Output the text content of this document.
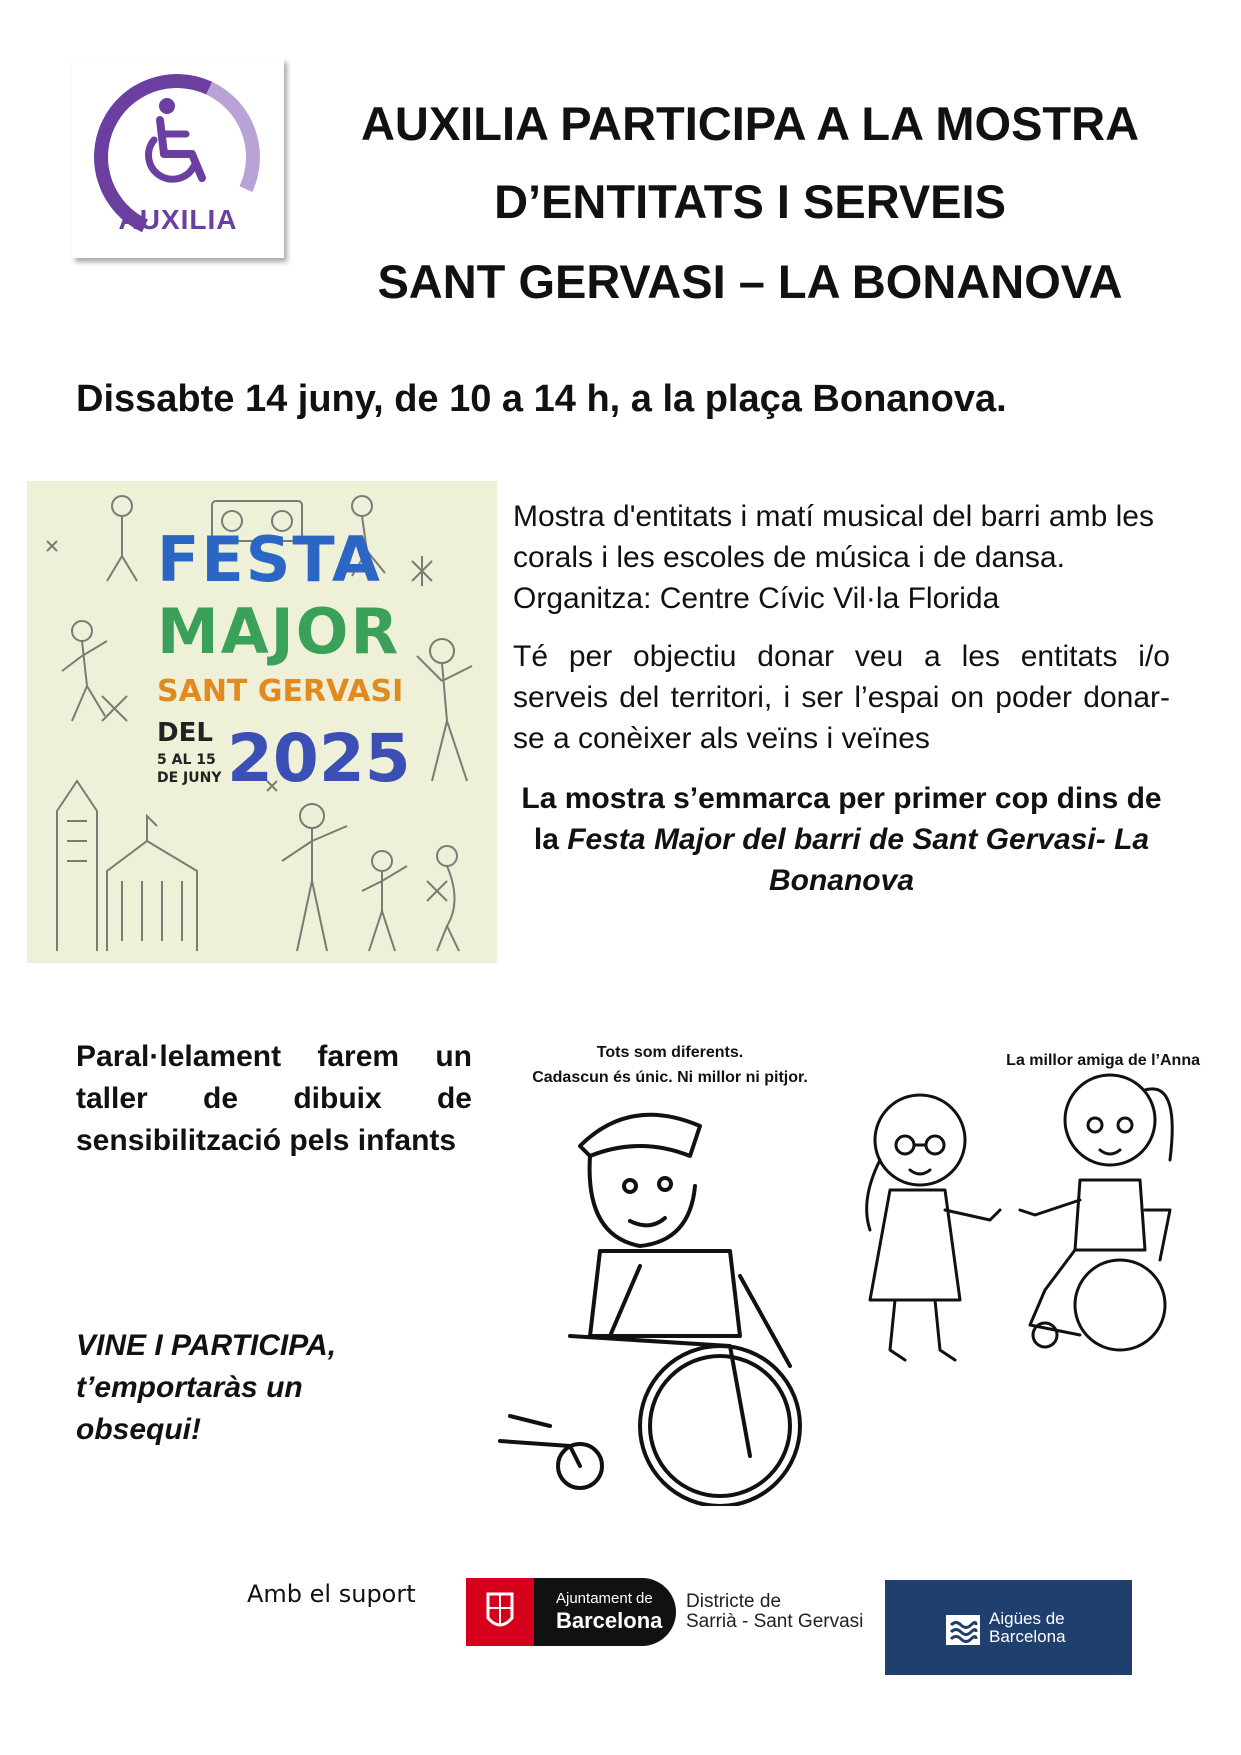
AUXILIA
AUXILIA PARTICIPA A LA MOSTRA
D’ENTITATS I SERVEIS
SANT GERVASI – LA BONANOVA
Dissabte 14 juny, de 10 a 14 h, a la plaça Bonanova.
FESTA
MAJOR
SANT GERVASI
DEL
5 AL 15
DE JUNY 2025
Mostra d'entitats i matí musical del barri amb les corals i les escoles de música i de dansa. Organitza: Centre Cívic Vil·la Florida
Té per objectiu donar veu a les entitats i/o serveis del territori, i ser l’espai on poder donar-se a conèixer als veïns i veïnes
La mostra s’emmarca per primer cop dins de la Festa Major del barri de Sant Gervasi- La Bonanova
Paral·lelament farem un taller de dibuix de sensibilització pels infants
VINE I PARTICIPA,
t’emportaràs un
obsequi!
Tots som diferents.
Cadascun és únic. Ni millor ni pitjor.
La millor amiga de l’Anna
Amb el suport	Ajuntament de
Barcelona
Districte de
Sarrià - Sant Gervasi	Aigües de
Barcelona
